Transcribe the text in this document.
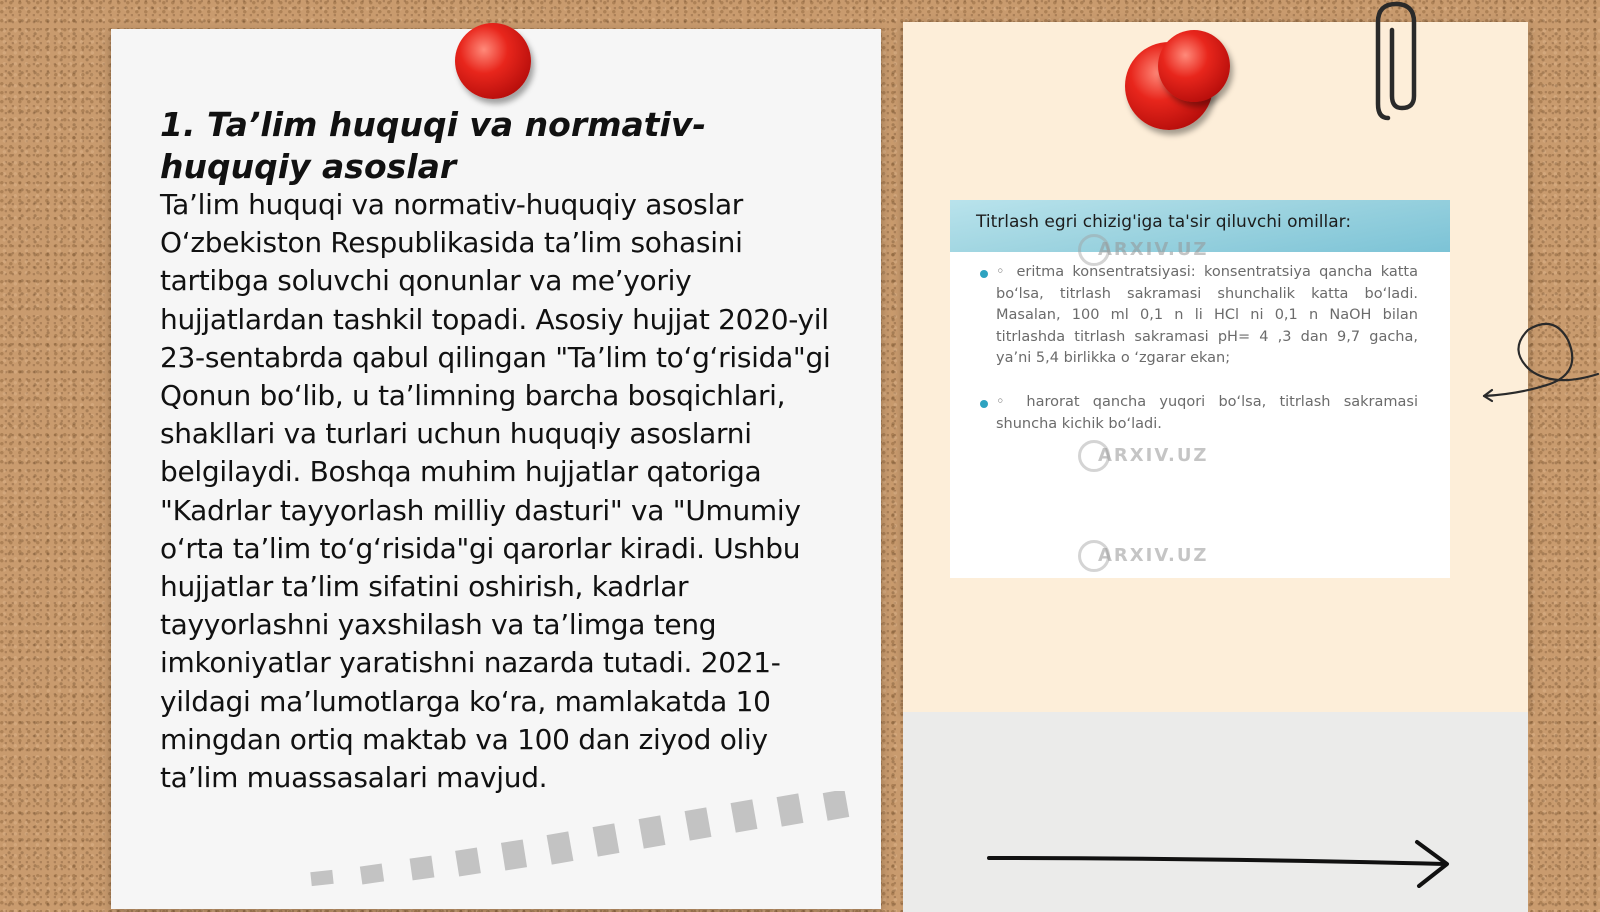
1. Ta’lim huquqi va normativ-huquqiy asoslar

Ta’lim huquqi va normativ-huquqiy asoslar O‘zbekiston Respublikasida ta’lim sohasini tartibga soluvchi qonunlar va me’yoriy hujjatlardan tashkil topadi. Asosiy hujjat 2020-yil 23-sentabrda qabul qilingan "Ta’lim to‘g‘risida"gi Qonun bo‘lib, u ta’limning barcha bosqichlari, shakllari va turlari uchun huquqiy asoslarni belgilaydi. Boshqa muhim hujjatlar qatoriga "Kadrlar tayyorlash milliy dasturi" va "Umumiy o‘rta ta’lim to‘g‘risida"gi qarorlar kiradi. Ushbu hujjatlar ta’lim sifatini oshirish, kadrlar tayyorlashni yaxshilash va ta’limga teng imkoniyatlar yaratishni nazarda tutadi. 2021-yildagi ma’lumotlarga ko‘ra, mamlakatda 10 mingdan ortiq maktab va 100 dan ziyod oliy ta’lim muassasalari mavjud.

Titrlash egri chizig'iga ta'sir qiluvchi omillar:

◦ eritma konsentratsiyasi: konsentratsiya qancha katta bo‘lsa, titrlash sakramasi shunchalik katta bo‘ladi. Masalan, 100 ml 0,1 n li HCl ni 0,1 n NaOH bilan titrlashda titrlash sakramasi pH= 4 ,3 dan 9,7 gacha, ya’ni 5,4 birlikka o ‘zgarar ekan;

◦ harorat qancha yuqori bo‘lsa, titrlash sakramasi shuncha kichik bo‘ladi.

ARXIV.UZ
ARXIV.UZ
ARXIV.UZ
